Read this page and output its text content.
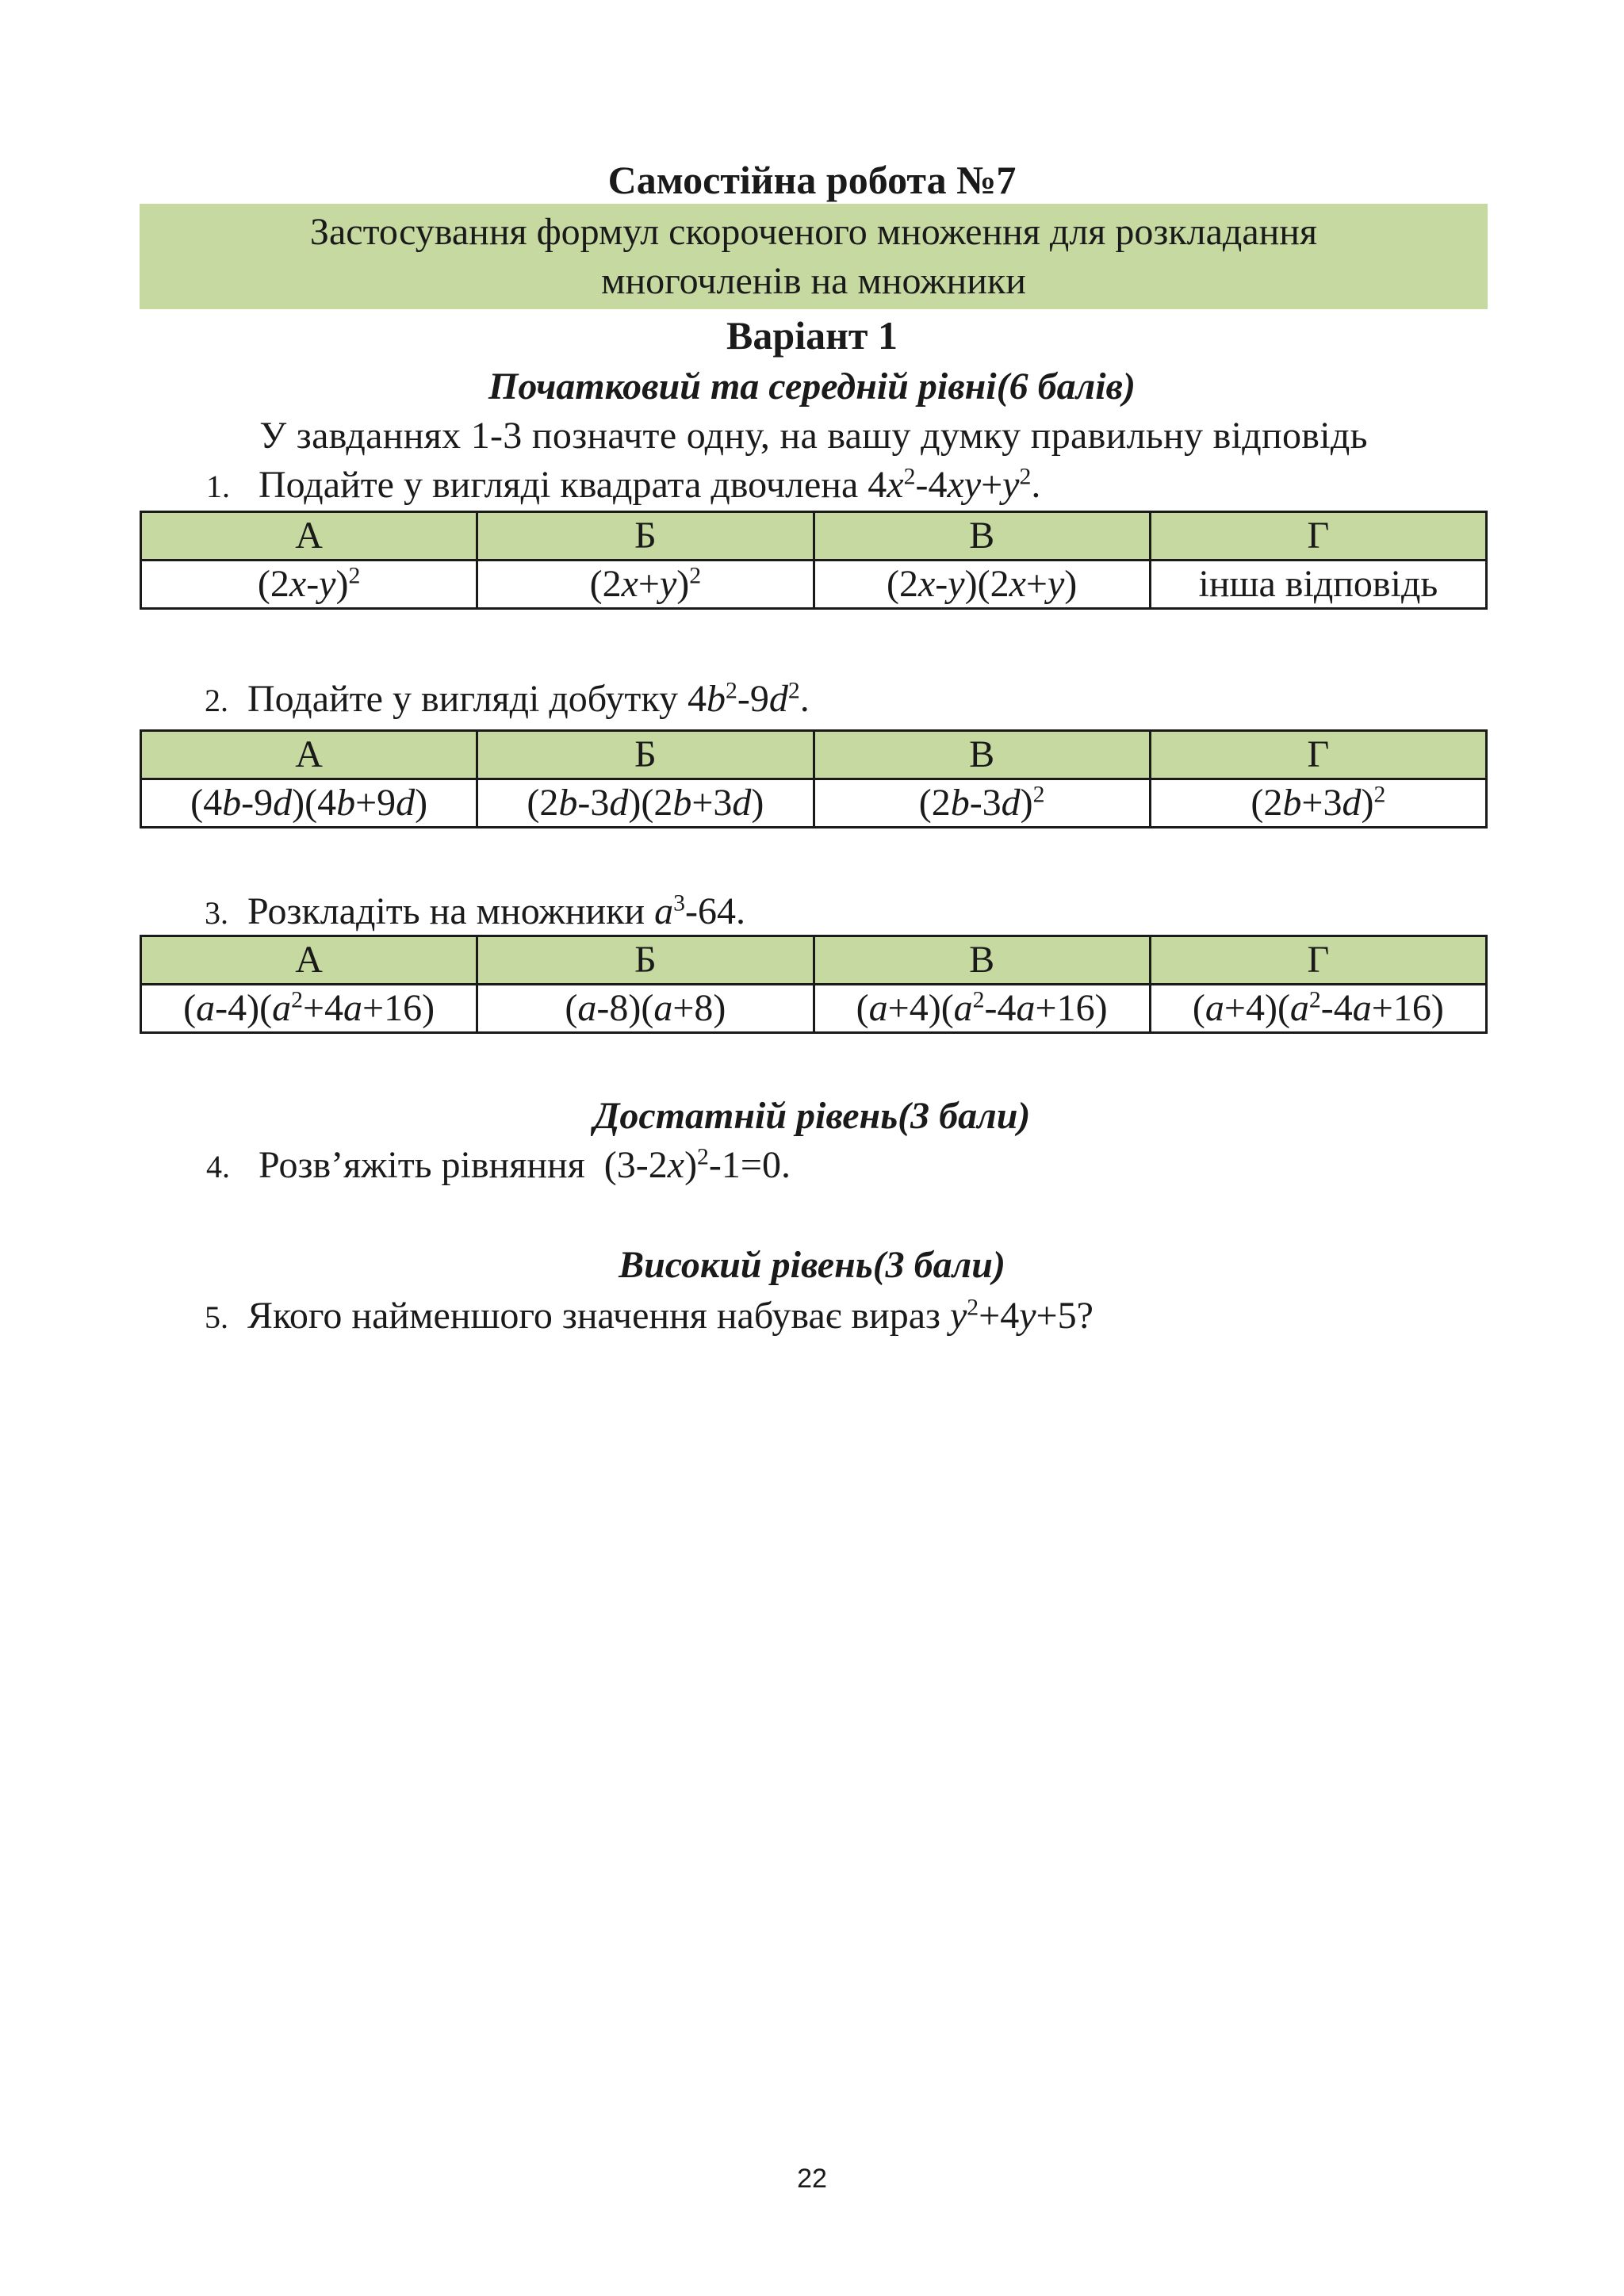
Самостійна робота №7
Застосування формул скороченого множення для розкладання
многочленів на множники
Варіант 1
Початковий та середній рівні(6 балів)
У завданнях 1-3 позначте одну, на вашу думку правильну відповідь
1. Подайте у вигляді квадрата двочлена $4x^2-4xy+y^2$.
А	Б	В	Г
$(2x-y)^2$	$(2x+y)^2$	(2x-y)(2x+y)	інша відповідь
2. Подайте у вигляді добутку $4b^2-9d^2$.
А	Б	В	Г
(4b-9d)(4b+9d)	(2b-3d)(2b+3d)	$(2b-3d)^2$	$(2b+3d)^2$
3. Розкладіть на множники $a^3-64$.
А	Б	В	Г
$(a-4)(a^2+4a+16)$	(a-8)(a+8)	$(a+4)(a^2-4a+16)$	$(a+4)(a^2-4a+16)$
Достатній рівень(3 бали)
4. Розв’яжіть рівняння $(3-2x)^2-1=0$.
Високий рівень(3 бали)
5. Якого найменшого значення набуває вираз $y^2+4y+5$?
22
